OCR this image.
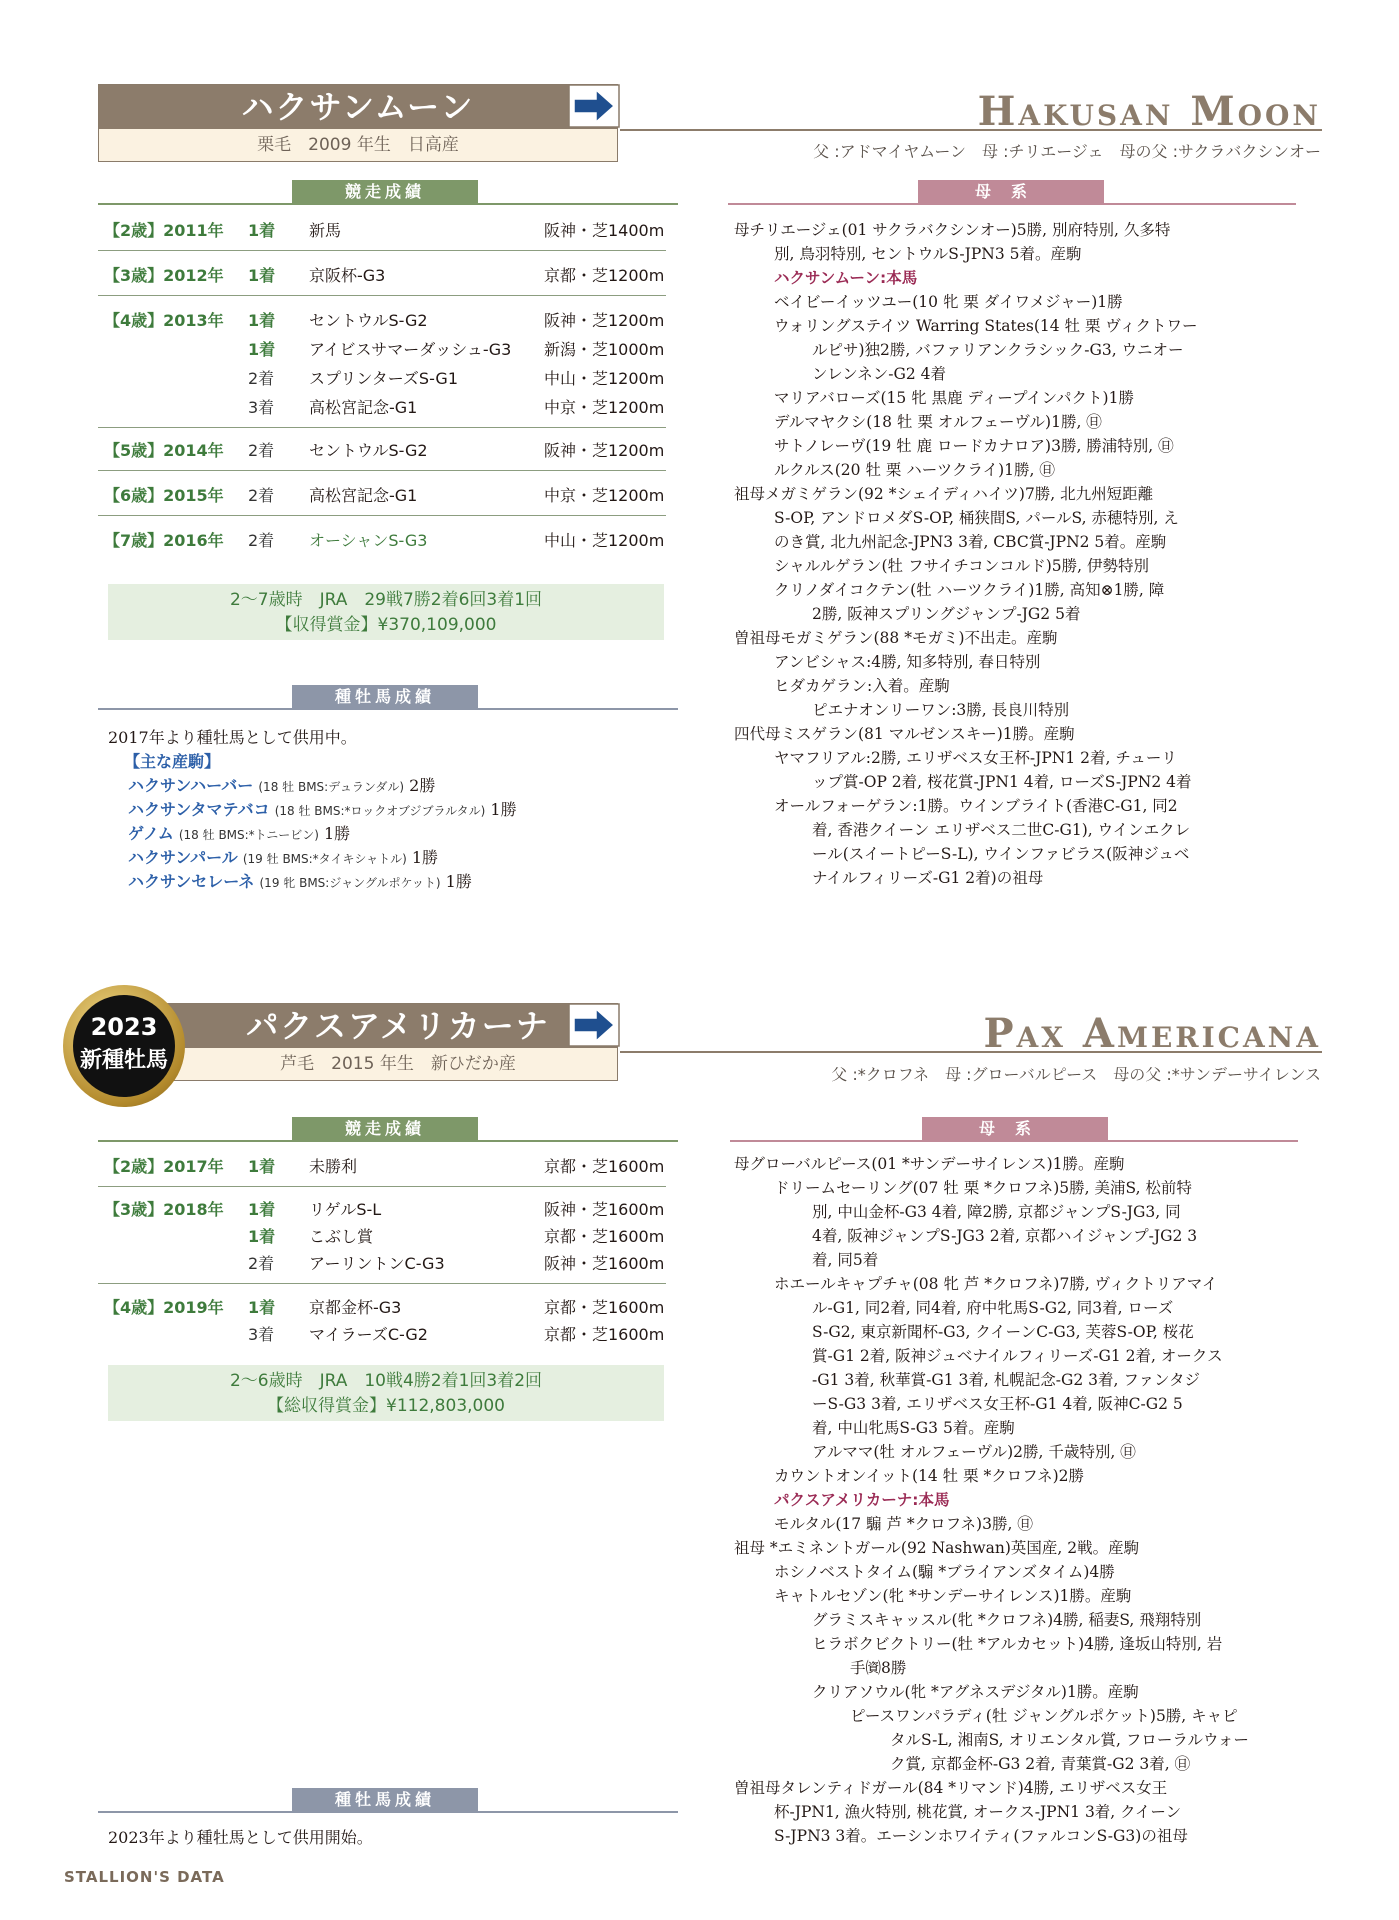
ハクサンムーン
栗毛　2009 年生　日高産
Hakusan Moon
父 :アドマイヤムーン　母 :チリエージェ　母の父 :サクラバクシンオー
競走成績
【2歳】2011年 1着 新馬	阪神・芝1400m
【3歳】2012年 1着 京阪杯-G3	京都・芝1200m
【4歳】2013年 1着 セントウルS-G2	阪神・芝1200m
1着 アイビスサマーダッシュ-G3 新潟・芝1000m
2着 スプリンターズS-G1	中山・芝1200m
3着 高松宮記念-G1	中京・芝1200m
【5歳】2014年 2着 セントウルS-G2	阪神・芝1200m
【6歳】2015年 2着 高松宮記念-G1	中京・芝1200m
【7歳】2016年 2着 オーシャンS-G3	中山・芝1200m
2～7歳時　JRA　29戦7勝2着6回3着1回
【収得賞金】¥370,109,000
種牡馬成績
2017年より種牡馬として供用中。
【主な産駒】
ハクサンハーバー (18 牡 BMS:デュランダル) 2勝
ハクサンタマテバコ (18 牡 BMS:*ロックオブジブラルタル) 1勝
ゲノム (18 牡 BMS:*トニービン) 1勝
ハクサンパール (19 牡 BMS:*タイキシャトル) 1勝
ハクサンセレーネ (19 牝 BMS:ジャングルポケット) 1勝
母系
母チリエージェ(01 サクラバクシンオー)5勝, 別府特別, 久多特
別, 鳥羽特別, セントウルS-JPN3 5着。産駒
ハクサンムーン:本馬
ベイビーイッツユー(10 牝 栗 ダイワメジャー)1勝
ウォリングステイツ Warring States(14 牡 栗 ヴィクトワー
ルピサ)独2勝, バファリアンクラシック-G3, ウニオー
ンレンネン-G2 4着
マリアバローズ(15 牝 黒鹿 ディープインパクト)1勝
デルマヤクシ(18 牡 栗 オルフェーヴル)1勝, ㊐
サトノレーヴ(19 牡 鹿 ロードカナロア)3勝, 勝浦特別, ㊐
ルクルス(20 牡 栗 ハーツクライ)1勝, ㊐
祖母メガミゲラン(92 *シェイディハイツ)7勝, 北九州短距離
S-OP, アンドロメダS-OP, 桶狭間S, パールS, 赤穂特別, え
のき賞, 北九州記念-JPN3 3着, CBC賞-JPN2 5着。産駒
シャルルゲラン(牡 フサイチコンコルド)5勝, 伊勢特別
クリノダイコクテン(牡 ハーツクライ)1勝, 高知⊗1勝, 障
2勝, 阪神スプリングジャンプ-JG2 5着
曽祖母モガミゲラン(88 *モガミ)不出走。産駒
アンビシャス:4勝, 知多特別, 春日特別
ヒダカゲラン:入着。産駒
ピエナオンリーワン:3勝, 長良川特別
四代母ミスゲラン(81 マルゼンスキー)1勝。産駒
ヤマフリアル:2勝, エリザベス女王杯-JPN1 2着, チューリ
ップ賞-OP 2着, 桜花賞-JPN1 4着, ローズS-JPN2 4着
オールフォーゲラン:1勝。ウインブライト(香港C-G1, 同2
着, 香港クイーン エリザベス二世C-G1), ウインエクレ
ール(スイートピーS-L), ウインファビラス(阪神ジュベ
ナイルフィリーズ-G1 2着)の祖母
パクスアメリカーナ
芦毛　2015 年生　新ひだか産
2023
新種牡馬
Pax Americana
父 :*クロフネ　母 :グローバルピース　母の父 :*サンデーサイレンス
競走成績
【2歳】2017年 1着 未勝利	京都・芝1600m
【3歳】2018年 1着 リゲルS-L	阪神・芝1600m
1着 こぶし賞	京都・芝1600m
2着 アーリントンC-G3	阪神・芝1600m
【4歳】2019年 1着 京都金杯-G3	京都・芝1600m
3着 マイラーズC-G2	京都・芝1600m
2～6歳時　JRA　10戦4勝2着1回3着2回
【総収得賞金】¥112,803,000
種牡馬成績
2023年より種牡馬として供用開始。
母系
母グローバルピース(01 *サンデーサイレンス)1勝。産駒
ドリームセーリング(07 牡 栗 *クロフネ)5勝, 美浦S, 松前特
別, 中山金杯-G3 4着, 障2勝, 京都ジャンプS-JG3, 同
4着, 阪神ジャンプS-JG3 2着, 京都ハイジャンプ-JG2 3
着, 同5着
ホエールキャプチャ(08 牝 芦 *クロフネ)7勝, ヴィクトリアマイ
ル-G1, 同2着, 同4着, 府中牝馬S-G2, 同3着, ローズ
S-G2, 東京新聞杯-G3, クイーンC-G3, 芙蓉S-OP, 桜花
賞-G1 2着, 阪神ジュベナイルフィリーズ-G1 2着, オークス
-G1 3着, 秋華賞-G1 3着, 札幌記念-G2 3着, ファンタジ
ーS-G3 3着, エリザベス女王杯-G1 4着, 阪神C-G2 5
着, 中山牝馬S-G3 5着。産駒
アルママ(牡 オルフェーヴル)2勝, 千歳特別, ㊐
カウントオンイット(14 牡 栗 *クロフネ)2勝
パクスアメリカーナ:本馬
モルタル(17 騸 芦 *クロフネ)3勝, ㊐
祖母 *エミネントガール(92 Nashwan)英国産, 2戦。産駒
ホシノベストタイム(騸 *ブライアンズタイム)4勝
キャトルセゾン(牝 *サンデーサイレンス)1勝。産駒
グラミスキャッスル(牝 *クロフネ)4勝, 稲妻S, 飛翔特別
ヒラボクビクトリー(牡 *アルカセット)4勝, 逢坂山特別, 岩
手㈾8勝
クリアソウル(牝 *アグネスデジタル)1勝。産駒
ピースワンパラディ(牡 ジャングルポケット)5勝, キャピ
タルS-L, 湘南S, オリエンタル賞, フローラルウォー
ク賞, 京都金杯-G3 2着, 青葉賞-G2 3着, ㊐
曽祖母タレンティドガール(84 *リマンド)4勝, エリザベス女王
杯-JPN1, 漁火特別, 桃花賞, オークス-JPN1 3着, クイーン
S-JPN3 3着。エーシンホワイティ(ファルコンS-G3)の祖母
STALLION'S DATA
